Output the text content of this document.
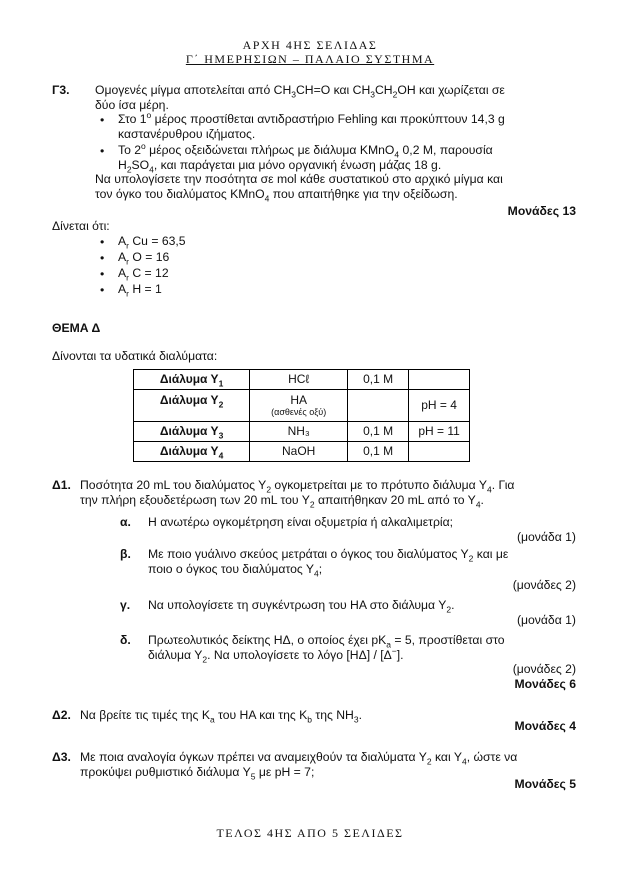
ΑΡΧΗ 4ΗΣ ΣΕΛΙΔΑΣ
Γ΄ ΗΜΕΡΗΣΙΩΝ – ΠΑΛΑΙΟ ΣΥΣΤΗΜΑ
Γ3. Ομογενές μίγμα αποτελείται από $CH_3CH=O$ και $CH_3CH_2OH$ και χωρίζεται σε
δύο ίσα μέρη.
• Στο $1^o$ μέρος προστίθεται αντιδραστήριο Fehling και προκύπτουν 14,3 g
καστανέρυθρου ιζήματος.
• Το $2^o$ μέρος οξειδώνεται πλήρως με διάλυμα KMnO$_4$ 0,2 M, παρουσία
$H_2SO_4$, και παράγεται μια μόνο οργανική ένωση μάζας 18 g.
Να υπολογίσετε την ποσότητα σε mol κάθε συστατικού στο αρχικό μίγμα και
τον όγκο του διαλύματος KMnO$_4$ που απαιτήθηκε για την οξείδωση.
Μονάδες 13
Δίνεται ότι:
• $A_r$ Cu = 63,5
• $A_r$ O = 16
• $A_r$ C = 12
• $A_r$ H = 1
ΘΕΜΑ Δ
Δίνονται τα υδατικά διαλύματα:
Διάλυμα $\Upsilon_1$	HCℓ	0,1 M	
Διάλυμα $\Upsilon_2$	HA
(ασθενές οξύ)		pH = 4
Διάλυμα $\Upsilon_3$	NH₃	0,1 M	pH = 11
Διάλυμα $\Upsilon_4$	NaOH	0,1 M	
Δ1. Ποσότητα 20 mL του διαλύματος $\Upsilon_2$ ογκομετρείται με το πρότυπο διάλυμα $\Upsilon_4$. Για
την πλήρη εξουδετέρωση των 20 mL του $\Upsilon_2$ απαιτήθηκαν 20 mL από το $\Upsilon_4$.
α. Η ανωτέρω ογκομέτρηση είναι οξυμετρία ή αλκαλιμετρία;
(μονάδα 1)
β. Με ποιο γυάλινο σκεύος μετράται ο όγκος του διαλύματος $\Upsilon_2$ και με
ποιο ο όγκος του διαλύματος $\Upsilon_4$;
(μονάδες 2)
γ. Να υπολογίσετε τη συγκέντρωση του HA στο διάλυμα $\Upsilon_2$.
(μονάδα 1)
δ. Πρωτεολυτικός δείκτης ΗΔ, ο οποίος έχει $pK_a = 5$, προστίθεται στο
διάλυμα $\Upsilon_2$. Να υπολογίσετε το λόγο [ΗΔ] / [Δ−].
(μονάδες 2)
Μονάδες 6
Δ2. Να βρείτε τις τιμές της $K_a$ του HA και της $K_b$ της $NH_3$.
Μονάδες 4
Δ3. Με ποια αναλογία όγκων πρέπει να αναμειχθούν τα διαλύματα $\Upsilon_2$ και $\Upsilon_4$, ώστε να
προκύψει ρυθμιστικό διάλυμα $\Upsilon_5$ με pH = 7;
Μονάδες 5
ΤΕΛΟΣ 4ΗΣ ΑΠΟ 5 ΣΕΛΙΔΕΣ
